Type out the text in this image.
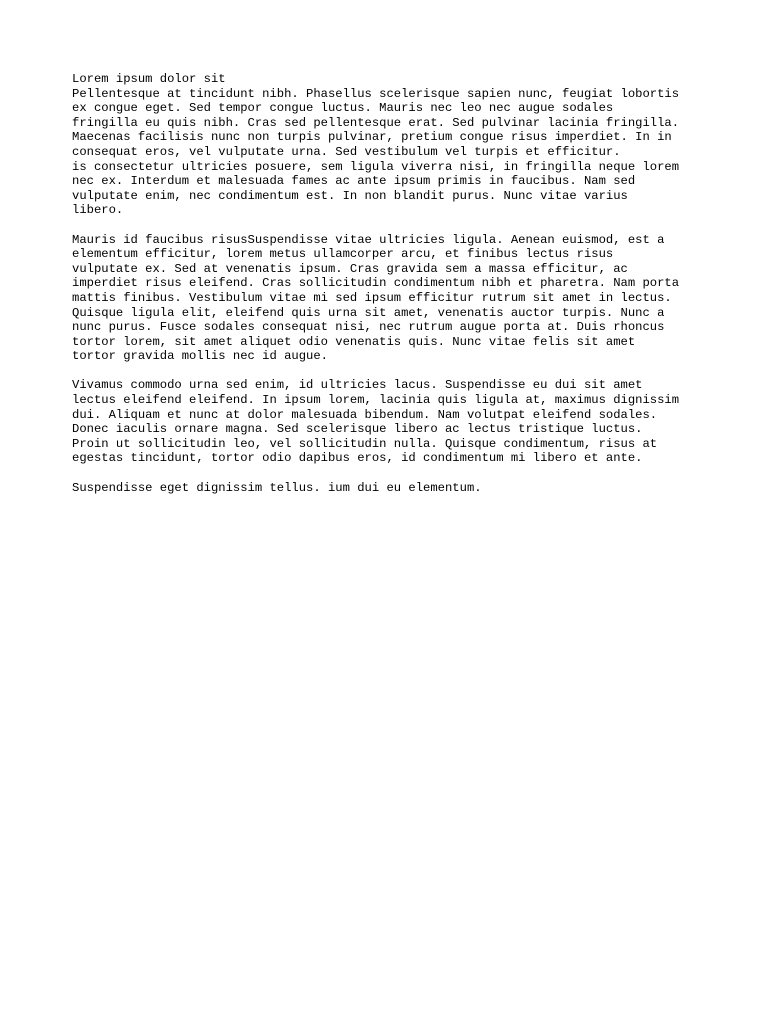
Lorem ipsum dolor sit
Pellentesque at tincidunt nibh. Phasellus scelerisque sapien nunc, feugiat lobortis
ex congue eget. Sed tempor congue luctus. Mauris nec leo nec augue sodales
fringilla eu quis nibh. Cras sed pellentesque erat. Sed pulvinar lacinia fringilla.
Maecenas facilisis nunc non turpis pulvinar, pretium congue risus imperdiet. In in
consequat eros, vel vulputate urna. Sed vestibulum vel turpis et efficitur.
is consectetur ultricies posuere, sem ligula viverra nisi, in fringilla neque lorem
nec ex. Interdum et malesuada fames ac ante ipsum primis in faucibus. Nam sed
vulputate enim, nec condimentum est. In non blandit purus. Nunc vitae varius
libero.
Mauris id faucibus risusSuspendisse vitae ultricies ligula. Aenean euismod, est a
elementum efficitur, lorem metus ullamcorper arcu, et finibus lectus risus
vulputate ex. Sed at venenatis ipsum. Cras gravida sem a massa efficitur, ac
imperdiet risus eleifend. Cras sollicitudin condimentum nibh et pharetra. Nam porta
mattis finibus. Vestibulum vitae mi sed ipsum efficitur rutrum sit amet in lectus.
Quisque ligula elit, eleifend quis urna sit amet, venenatis auctor turpis. Nunc a
nunc purus. Fusce sodales consequat nisi, nec rutrum augue porta at. Duis rhoncus
tortor lorem, sit amet aliquet odio venenatis quis. Nunc vitae felis sit amet
tortor gravida mollis nec id augue.
Vivamus commodo urna sed enim, id ultricies lacus. Suspendisse eu dui sit amet
lectus eleifend eleifend. In ipsum lorem, lacinia quis ligula at, maximus dignissim
dui. Aliquam et nunc at dolor malesuada bibendum. Nam volutpat eleifend sodales.
Donec iaculis ornare magna. Sed scelerisque libero ac lectus tristique luctus.
Proin ut sollicitudin leo, vel sollicitudin nulla. Quisque condimentum, risus at
egestas tincidunt, tortor odio dapibus eros, id condimentum mi libero et ante.
Suspendisse eget dignissim tellus. ium dui eu elementum.
